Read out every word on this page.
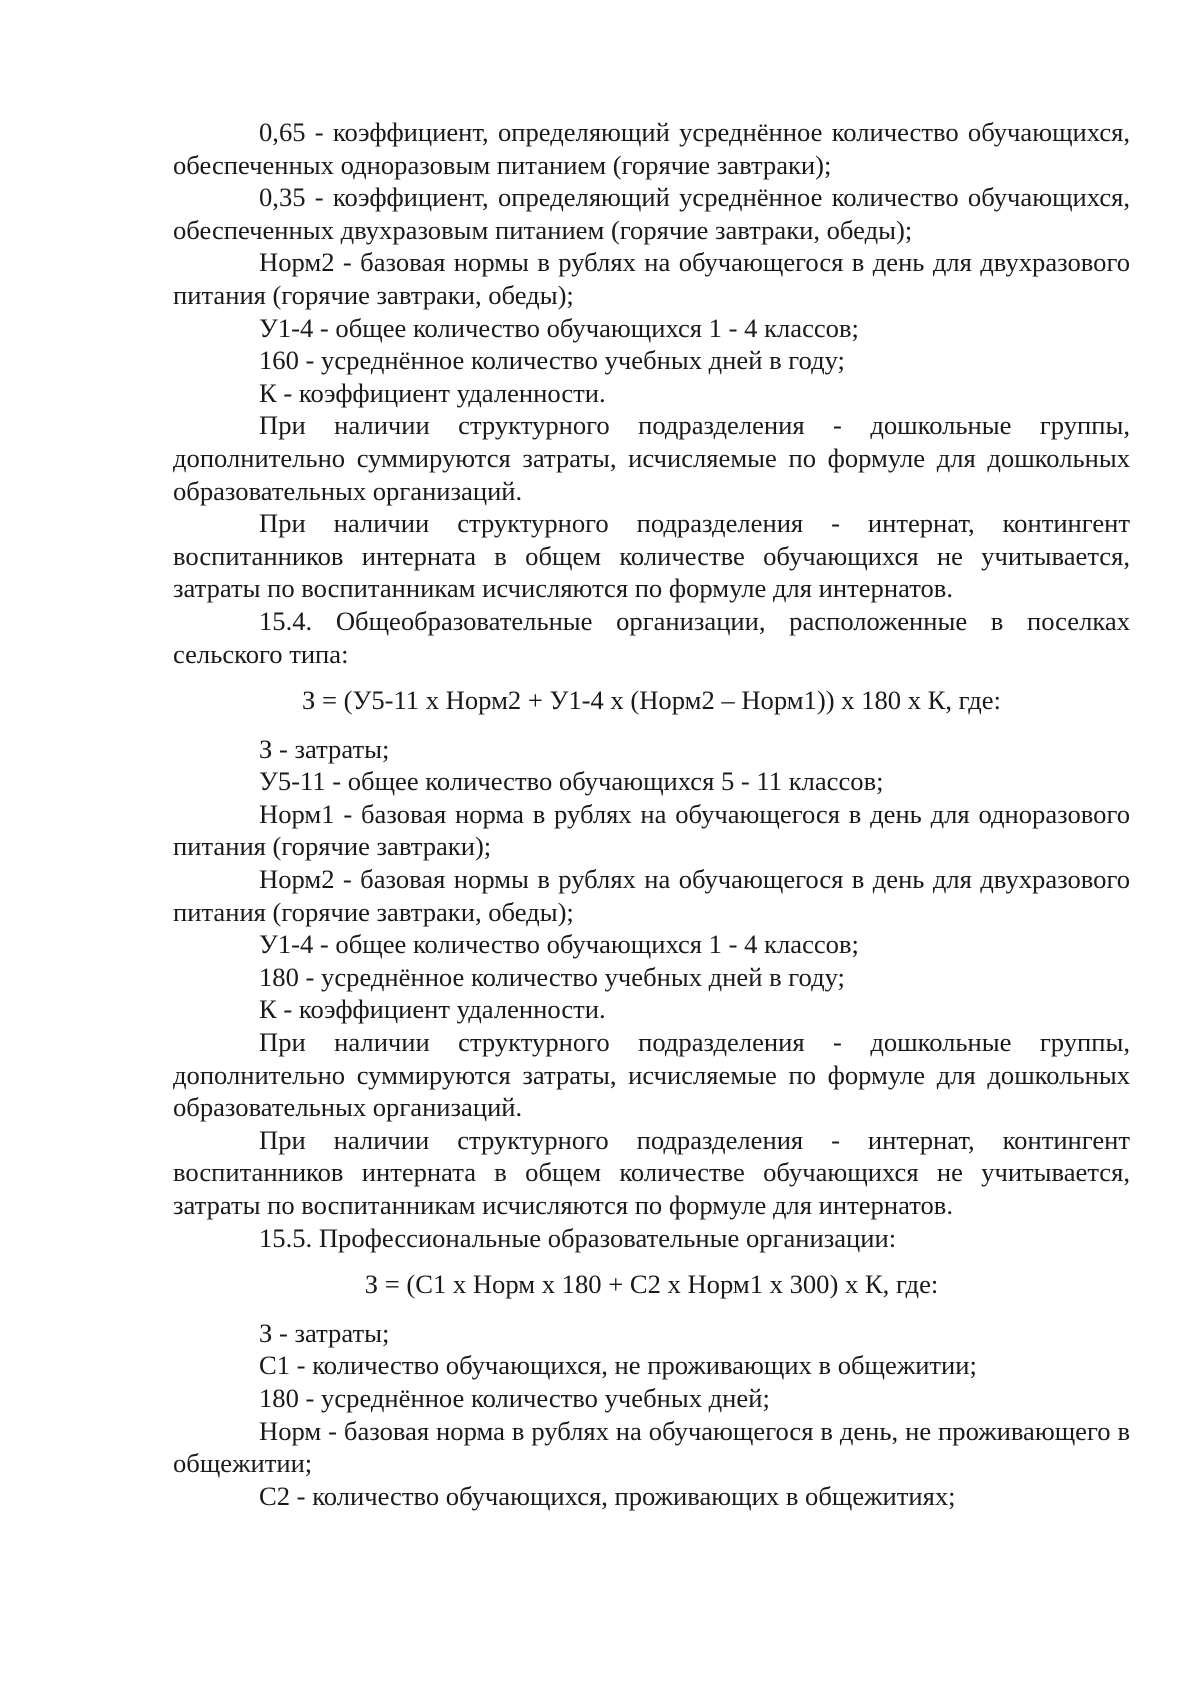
0,65 - коэффициент, определяющий усреднённое количество обучающихся, обеспеченных одноразовым питанием (горячие завтраки);

0,35 - коэффициент, определяющий усреднённое количество обучающихся, обеспеченных двухразовым питанием (горячие завтраки, обеды);

Норм2 - базовая нормы в рублях на обучающегося в день для двухразового питания (горячие завтраки, обеды);

У1-4 - общее количество обучающихся 1 - 4 классов;

160 - усреднённое количество учебных дней в году;

К - коэффициент удаленности.

При наличии структурного подразделения - дошкольные группы, дополнительно суммируются затраты, исчисляемые по формуле для дошкольных образовательных организаций.

При наличии структурного подразделения - интернат, контингент воспитанников интерната в общем количестве обучающихся не учитывается, затраты по воспитанникам исчисляются по формуле для интернатов.

15.4. Общеобразовательные организации, расположенные в поселках сельского типа:

З = (У5-11 х Норм2 + У1-4 х (Норм2 – Норм1)) х 180 х К, где:

З - затраты;

У5-11 - общее количество обучающихся 5 - 11 классов;

Норм1 - базовая норма в рублях на обучающегося в день для одноразового питания (горячие завтраки);

Норм2 - базовая нормы в рублях на обучающегося в день для двухразового питания (горячие завтраки, обеды);

У1-4 - общее количество обучающихся 1 - 4 классов;

180 - усреднённое количество учебных дней в году;

К - коэффициент удаленности.

При наличии структурного подразделения - дошкольные группы, дополнительно суммируются затраты, исчисляемые по формуле для дошкольных образовательных организаций.

При наличии структурного подразделения - интернат, контингент воспитанников интерната в общем количестве обучающихся не учитывается, затраты по воспитанникам исчисляются по формуле для интернатов.

15.5. Профессиональные образовательные организации:

З = (С1 х Норм х 180 + С2 х Норм1 х 300) х К, где:

З - затраты;

С1 - количество обучающихся, не проживающих в общежитии;

180 - усреднённое количество учебных дней;

Норм - базовая норма в рублях на обучающегося в день, не проживающего в общежитии;

С2 - количество обучающихся, проживающих в общежитиях;
